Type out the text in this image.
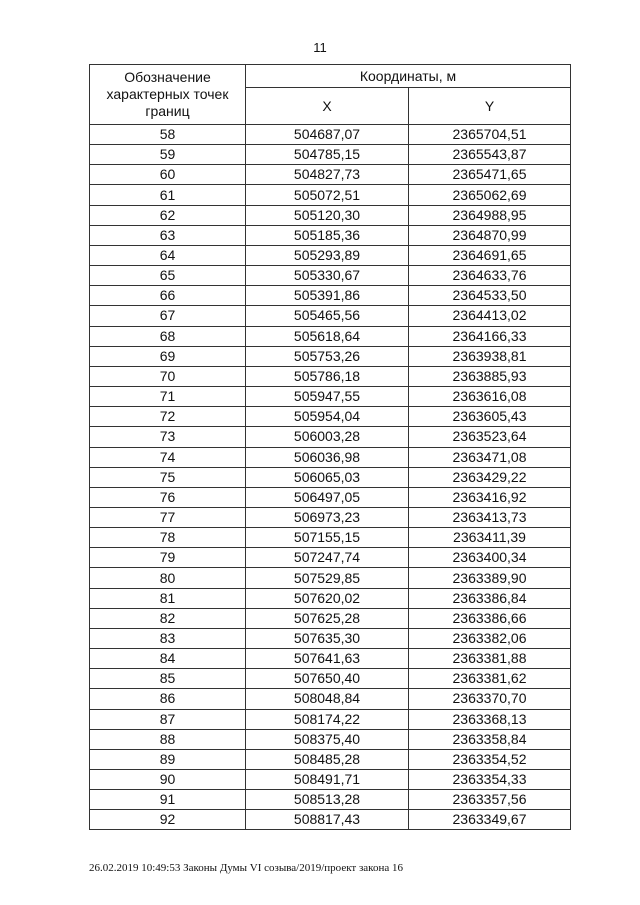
11
Обозначение характерных точек границ	Координаты, м	
	X	Y
58	504687,07	2365704,51
59	504785,15	2365543,87
60	504827,73	2365471,65
61	505072,51	2365062,69
62	505120,30	2364988,95
63	505185,36	2364870,99
64	505293,89	2364691,65
65	505330,67	2364633,76
66	505391,86	2364533,50
67	505465,56	2364413,02
68	505618,64	2364166,33
69	505753,26	2363938,81
70	505786,18	2363885,93
71	505947,55	2363616,08
72	505954,04	2363605,43
73	506003,28	2363523,64
74	506036,98	2363471,08
75	506065,03	2363429,22
76	506497,05	2363416,92
77	506973,23	2363413,73
78	507155,15	2363411,39
79	507247,74	2363400,34
80	507529,85	2363389,90
81	507620,02	2363386,84
82	507625,28	2363386,66
83	507635,30	2363382,06
84	507641,63	2363381,88
85	507650,40	2363381,62
86	508048,84	2363370,70
87	508174,22	2363368,13
88	508375,40	2363358,84
89	508485,28	2363354,52
90	508491,71	2363354,33
91	508513,28	2363357,56
92	508817,43	2363349,67
26.02.2019 10:49:53 Законы Думы VI созыва/2019/проект закона 16
